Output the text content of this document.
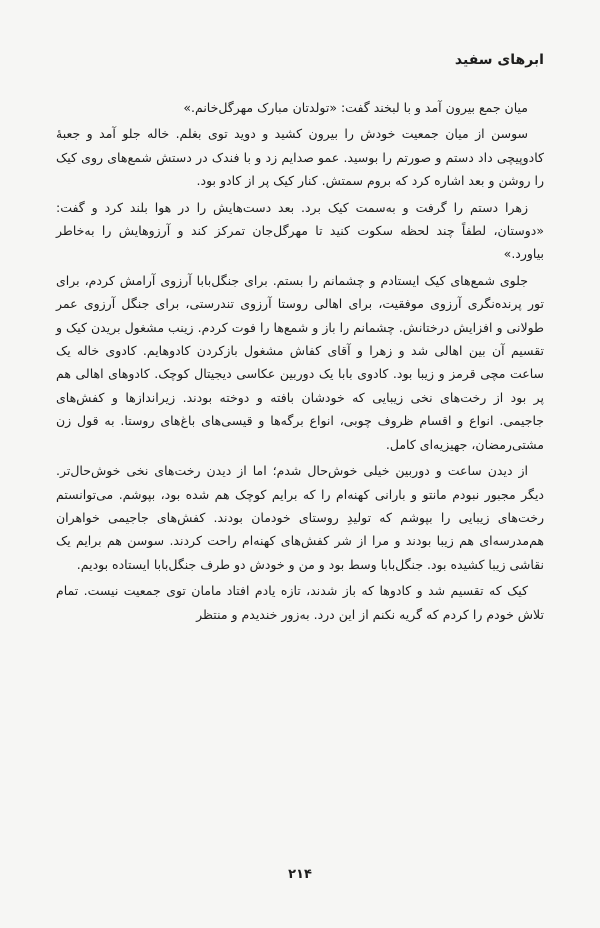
ابرهای سفید

میان جمع بیرون آمد و با لبخند گفت: «تولدتان مبارک مهرگل‌خانم.»

سوسن از میان جمعیت خودش را بیرون کشید و دوید توی بغلم. خاله جلو آمد و جعبهٔ کادوپیچی داد دستم و صورتم را بوسید. عمو صدایم زد و با فندک در دستش شمع‌های روی کیک را روشن و بعد اشاره کرد که بروم سمتش. کنار کیک پر از کادو بود.

زهرا دستم را گرفت و به‌سمت کیک برد. بعد دست‌هایش را در هوا بلند کرد و گفت: «دوستان، لطفاً چند لحظه سکوت کنید تا مهرگل‌جان تمرکز کند و آرزوهایش را به‌خاطر بیاورد.»

جلوی شمع‌های کیک ایستادم و چشمانم را بستم. برای جنگل‌بابا آرزوی آرامش کردم، برای تور پرنده‌نگری آرزوی موفقیت، برای اهالی روستا آرزوی تندرستی، برای جنگل آرزوی عمر طولانی و افزایش درختانش. چشمانم را باز و شمع‌ها را فوت کردم. زینب مشغول بریدن کیک و تقسیم آن بین اهالی شد و زهرا و آقای کفاش مشغول بازکردن کادوهایم. کادوی خاله یک ساعت مچی قرمز و زیبا بود. کادوی بابا یک دوربین عکاسی دیجیتال کوچک. کادوهای اهالی هم پر بود از رخت‌های نخی زیبایی که خودشان بافته و دوخته بودند. زیراندازها و کفش‌های جاجیمی. انواع و اقسام ظروف چوبی، انواع برگه‌ها و قیسی‌های باغ‌های روستا. به قول زن مشتی‌رمضان، جهیزیه‌ای کامل.

از دیدن ساعت و دوربین خیلی خوش‌حال شدم؛ اما از دیدن رخت‌های نخی خوش‌حال‌تر. دیگر مجبور نبودم مانتو و بارانی کهنه‌ام را که برایم کوچک هم شده بود، بپوشم. می‌توانستم رخت‌های زیبایی را بپوشم که تولیدِ روستای خودمان بودند. کفش‌های جاجیمی خواهران هم‌مدرسه‌ای هم زیبا بودند و مرا از شر کفش‌های کهنه‌ام راحت کردند. سوسن هم برایم یک نقاشی زیبا کشیده بود. جنگل‌بابا وسط بود و من و خودش دو طرف جنگل‌بابا ایستاده بودیم.

کیک که تقسیم شد و کادوها که باز شدند، تازه یادم افتاد مامان توی جمعیت نیست. تمام تلاش خودم را کردم که گریه نکنم از این درد. به‌زور خندیدم و منتظر

۲۱۴
